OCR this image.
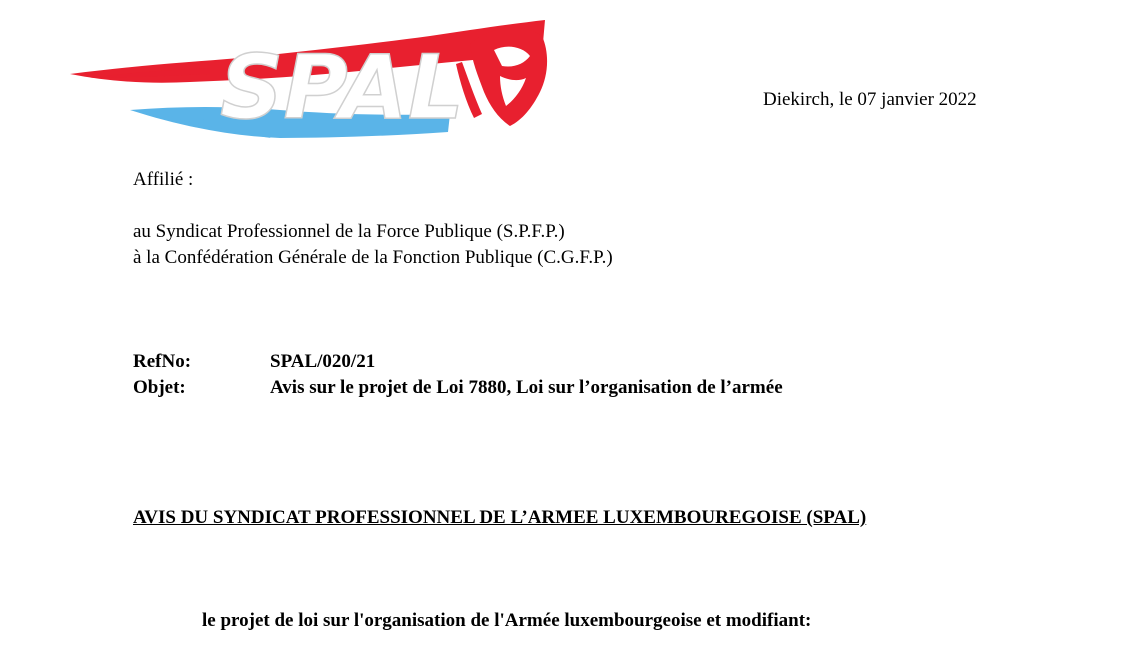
SPAL	Diekirch, le 07 janvier 2022
Affilié :
au Syndicat Professionnel de la Force Publique (S.P.F.P.)
à la Confédération Générale de la Fonction Publique (C.G.F.P.)
RefNo:	SPAL/020/21
Objet:	Avis sur le projet de Loi 7880, Loi sur l’organisation de l’armée
AVIS DU SYNDICAT PROFESSIONNEL DE L’ARMEE LUXEMBOUREGOISE (SPAL)
le projet de loi sur l'organisation de l'Armée luxembourgeoise et modifiant:
